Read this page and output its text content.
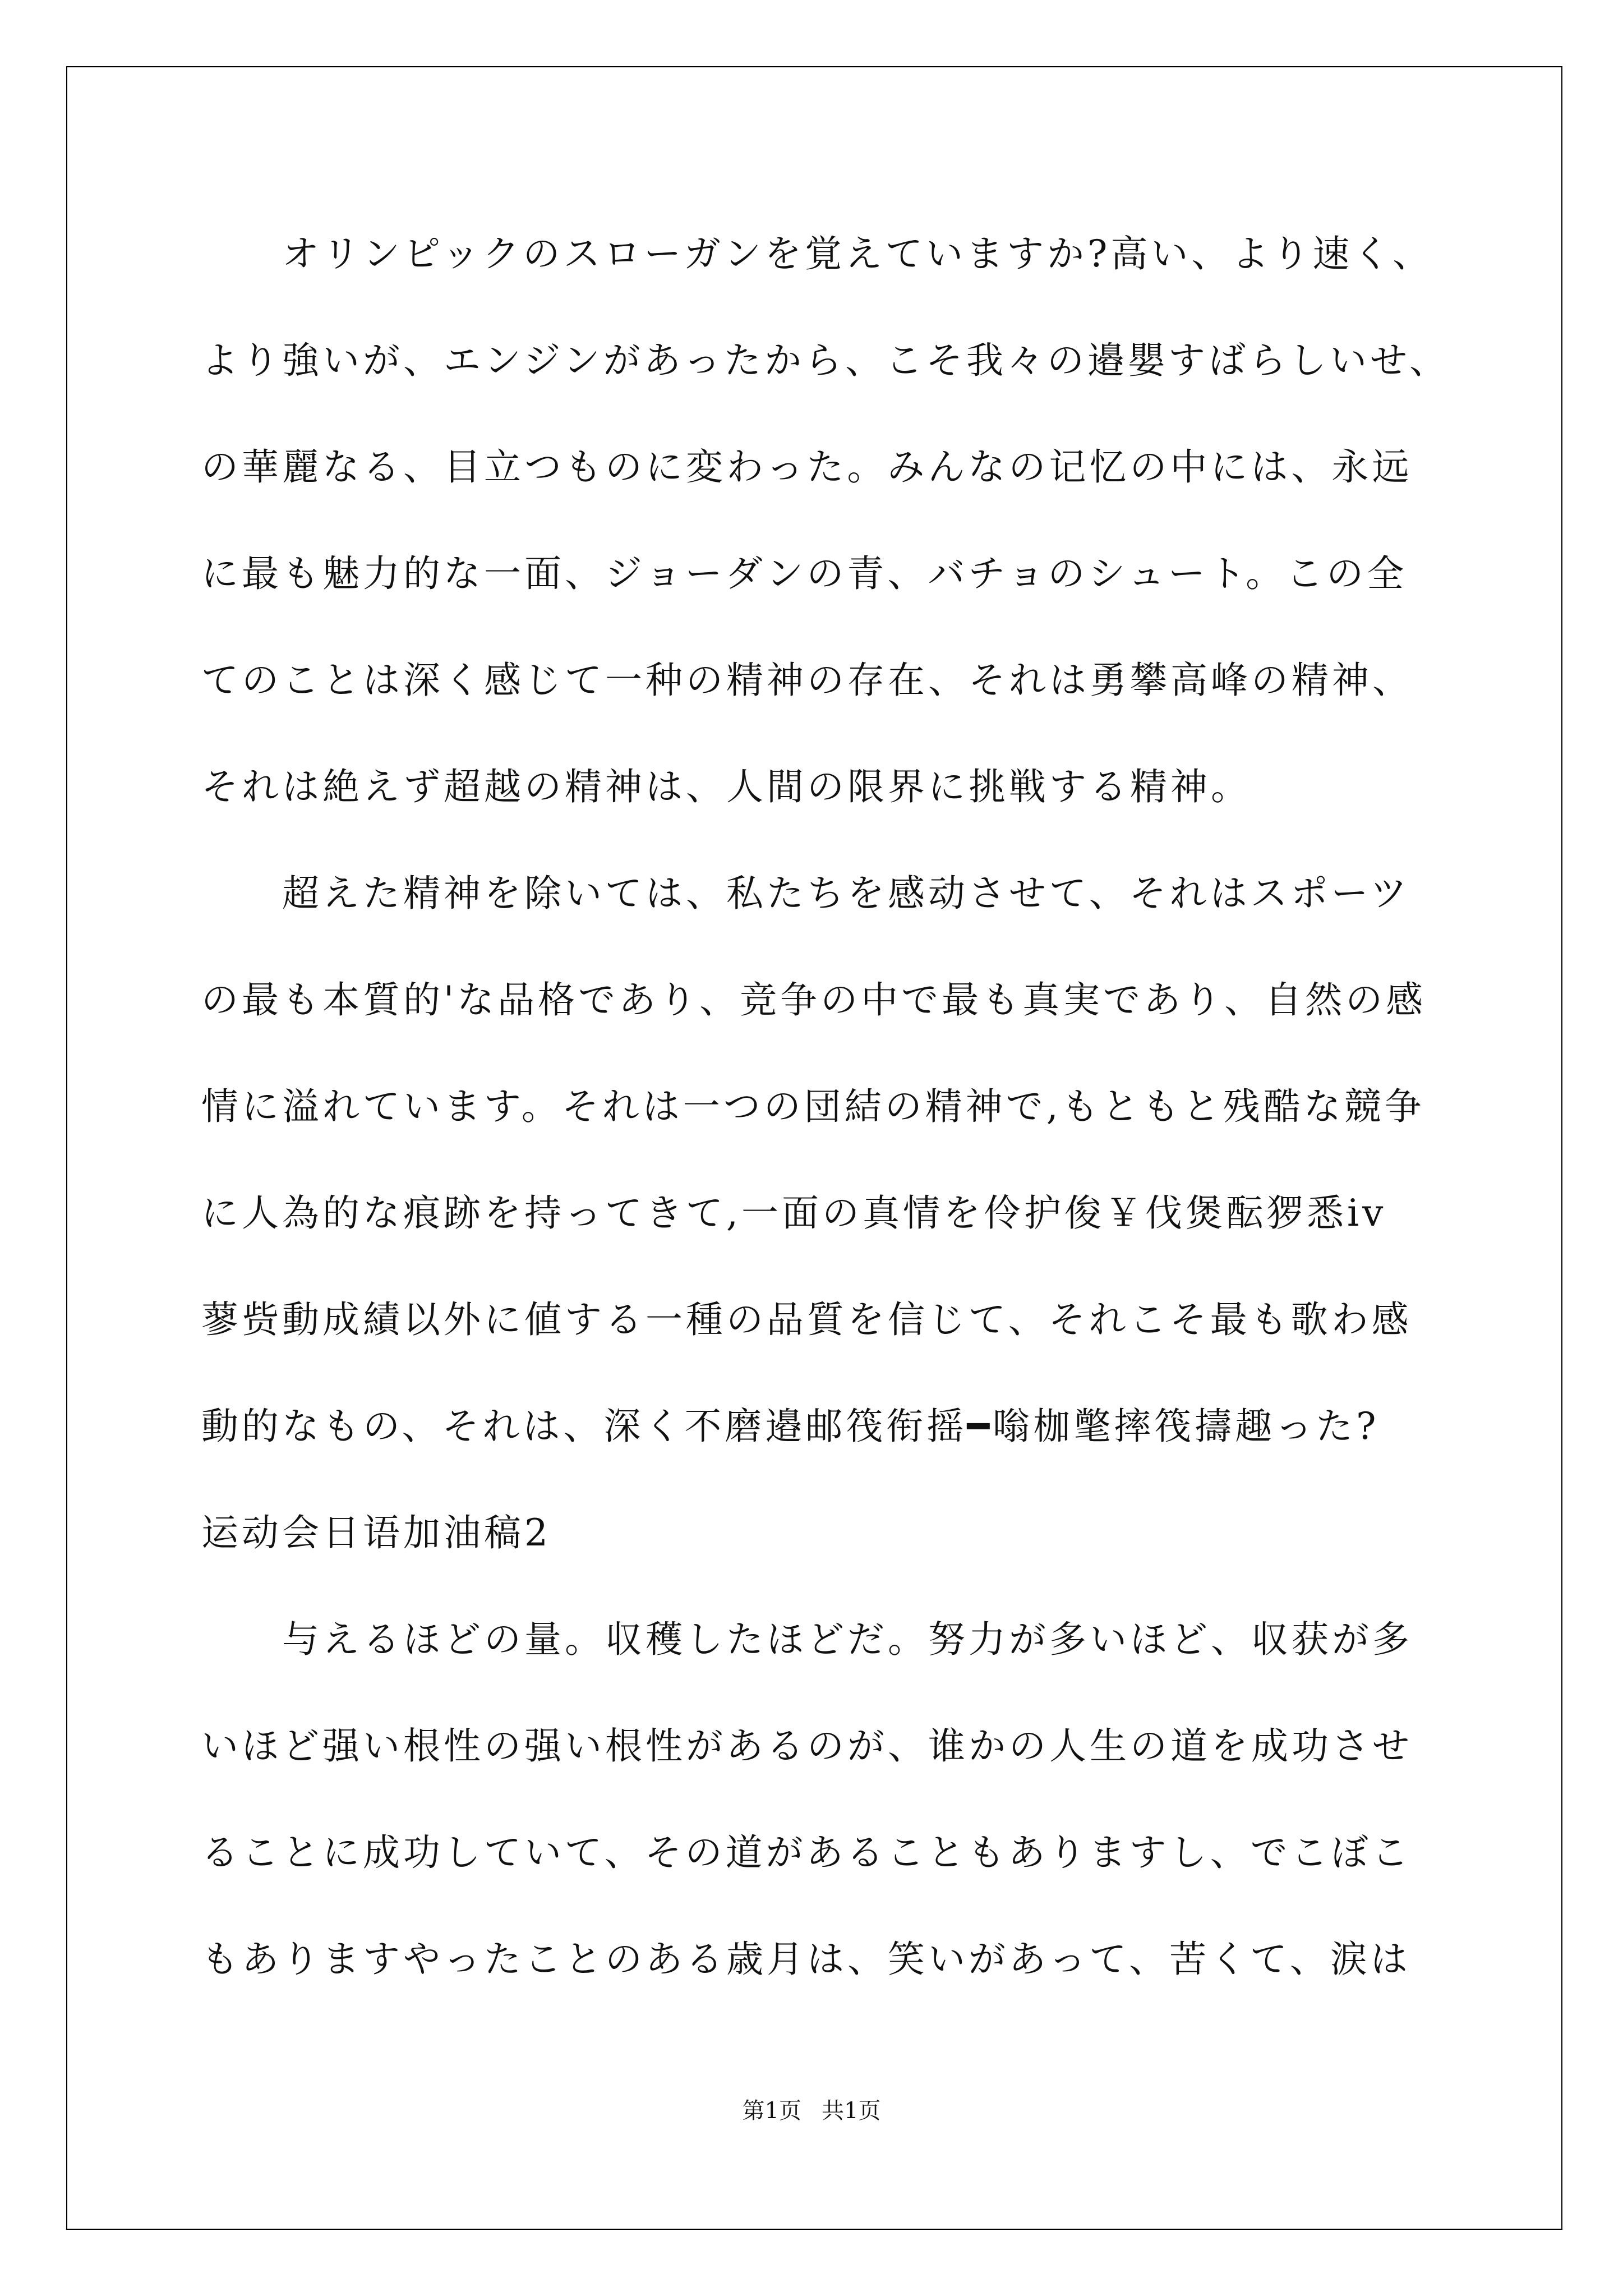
オリンピックのスローガンを覚えていますか?高い、より速く、
より強いが、エンジンがあったから、こそ我々の邉嬰すばらしいせ、
の華麗なる、目立つものに変わった。みんなの记忆の中には、永远
に最も魅力的な一面、ジョーダンの青、バチョのシュート。この全
てのことは深く感じて一种の精神の存在、それは勇攀高峰の精神、
それは絶えず超越の精神は、人間の限界に挑戦する精神。
超えた精神を除いては、私たちを感动させて、それはスポーツ
の最も本質的'な品格であり、竞争の中で最も真実であり、自然の感
情に溢れています。それは一つの団結の精神で,もともと残酷な競争
に人為的な痕跡を持ってきて,一面の真情を伶护俊￥伐煲酝猡悉iv
蓼赀動成績以外に値する一種の品質を信じて、それこそ最も歌わ感
動的なもの、それは、深く不磨邉邮筏衔摇━嗡枷氅摔筏擣趣った?
运动会日语加油稿2
与えるほどの量。収穫したほどだ。努力が多いほど、収获が多
いほど强い根性の强い根性があるのが、谁かの人生の道を成功させ
ることに成功していて、その道があることもありますし、でこぼこ
もありますやったことのある歳月は、笑いがあって、苦くて、涙は
第1页 共1页
